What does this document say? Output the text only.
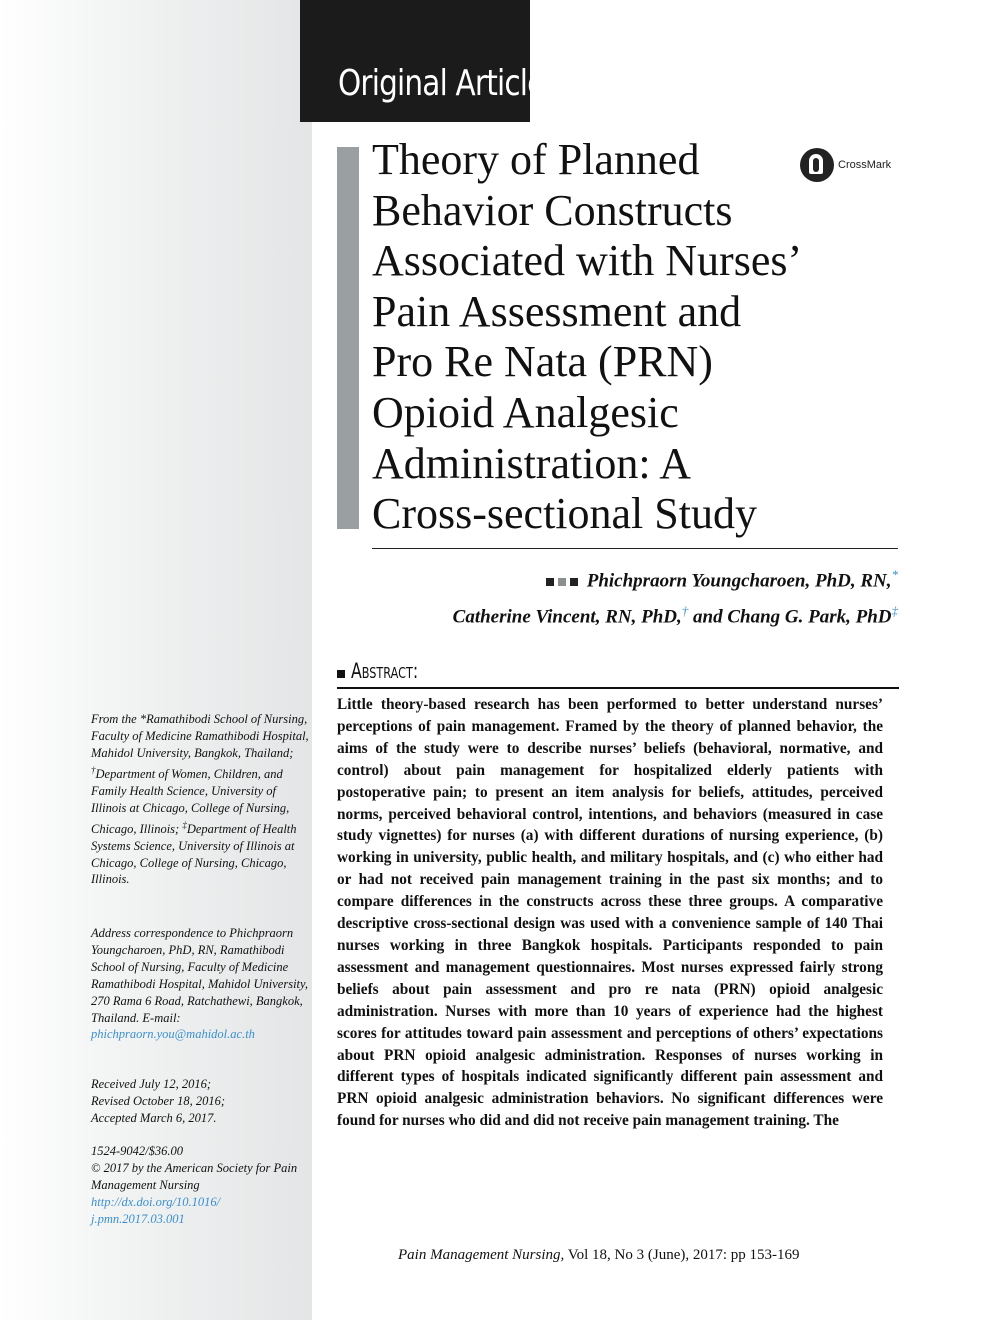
Original Article
Theory of Planned Behavior Constructs Associated with Nurses’ Pain Assessment and Pro Re Nata (PRN) Opioid Analgesic Administration: A Cross-sectional Study
CrossMark
Phichpraorn Youngcharoen, PhD, RN,*
Catherine Vincent, RN, PhD,† and Chang G. Park, PhD‡
Abstract:
Little theory-based research has been performed to better understand nurses’ perceptions of pain management. Framed by the theory of planned behavior, the aims of the study were to describe nurses’ beliefs (behavioral, normative, and control) about pain management for hospitalized elderly patients with postoperative pain; to present an item analysis for beliefs, attitudes, perceived norms, perceived behavioral control, intentions, and behaviors (measured in case study vignettes) for nurses (a) with different durations of nursing experience, (b) working in university, public health, and military hospitals, and (c) who either had or had not received pain management training in the past six months; and to compare differences in the constructs across these three groups. A comparative descriptive cross-sectional design was used with a convenience sample of 140 Thai nurses working in three Bangkok hospitals. Participants responded to pain assessment and management questionnaires. Most nurses expressed fairly strong beliefs about pain assessment and pro re nata (PRN) opioid analgesic administration. Nurses with more than 10 years of experience had the highest scores for attitudes toward pain assessment and perceptions of others’ expectations about PRN opioid analgesic administration. Responses of nurses working in different types of hospitals indicated significantly different pain assessment and PRN opioid analgesic administration behaviors. No significant differences were found for nurses who did and did not receive pain management training. The
From the *Ramathibodi School of Nursing, Faculty of Medicine Ramathibodi Hospital, Mahidol University, Bangkok, Thailand; †Department of Women, Children, and Family Health Science, University of Illinois at Chicago, College of Nursing, Chicago, Illinois; ‡Department of Health Systems Science, University of Illinois at Chicago, College of Nursing, Chicago, Illinois.
Address correspondence to Phichpraorn Youngcharoen, PhD, RN, Ramathibodi School of Nursing, Faculty of Medicine Ramathibodi Hospital, Mahidol University, 270 Rama 6 Road, Ratchathewi, Bangkok, Thailand. E-mail: phichpraorn.you@mahidol.ac.th
Received July 12, 2016;
Revised October 18, 2016;
Accepted March 6, 2017.
1524-9042/$36.00
© 2017 by the American Society for Pain Management Nursing
http://dx.doi.org/10.1016/
j.pmn.2017.03.001
Pain Management Nursing, Vol 18, No 3 (June), 2017: pp 153-169
